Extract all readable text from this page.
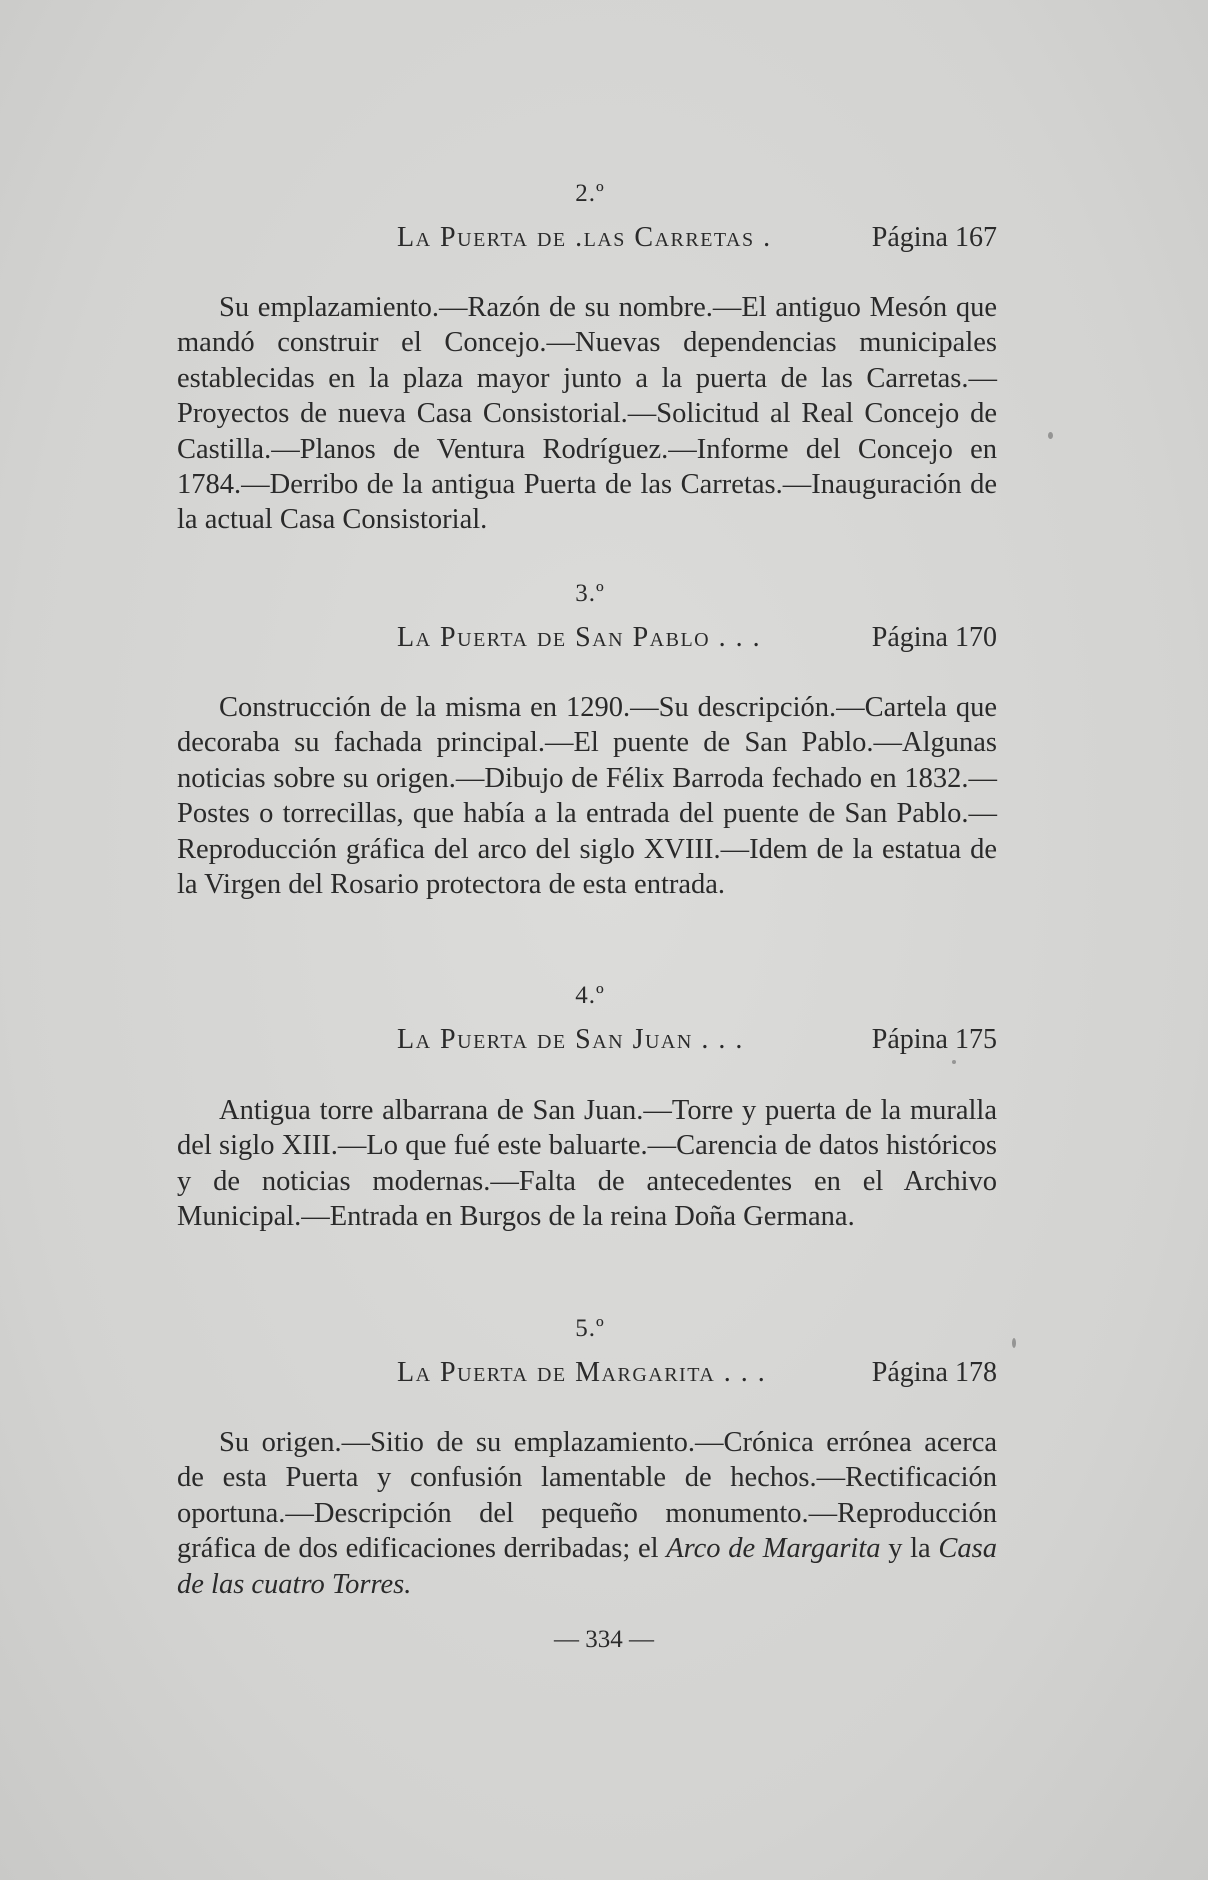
2.º
La Puerta de .las Carretas .	Página 167

Su emplazamiento.—Razón de su nombre.—El antiguo Mesón que mandó construir el Concejo.—Nuevas dependencias municipales establecidas en la plaza mayor junto a la puerta de las Carretas.—Proyectos de nueva Casa Consistorial.—Solicitud al Real Concejo de Castilla.—Planos de Ventura Rodríguez.—Informe del Concejo en 1784.—Derribo de la antigua Puerta de las Carretas.—Inauguración de la actual Casa Consistorial.

3.º
La Puerta de San Pablo . . .	Página 170

Construcción de la misma en 1290.—Su descripción.—Cartela que decoraba su fachada principal.—El puente de San Pablo.—Algunas noticias sobre su origen.—Dibujo de Félix Barroda fechado en 1832.—Postes o torrecillas, que había a la entrada del puente de San Pablo.—Reproducción gráfica del arco del siglo XVIII.—Idem de la estatua de la Virgen del Rosario protectora de esta entrada.

4.º
La Puerta de San Juan . . .	Pápina 175

Antigua torre albarrana de San Juan.—Torre y puerta de la muralla del siglo XIII.—Lo que fué este baluarte.—Carencia de datos históricos y de noticias modernas.—Falta de antecedentes en el Archivo Municipal.—Entrada en Burgos de la reina Doña Germana.

5.º
La Puerta de Margarita . . .	Página 178

Su origen.—Sitio de su emplazamiento.—Crónica errónea acerca de esta Puerta y confusión lamentable de hechos.—Rectificación oportuna.—Descripción del pequeño monumento.—Reproducción gráfica de dos edificaciones derribadas; el Arco de Margarita y la Casa de las cuatro Torres.

— 334 —
